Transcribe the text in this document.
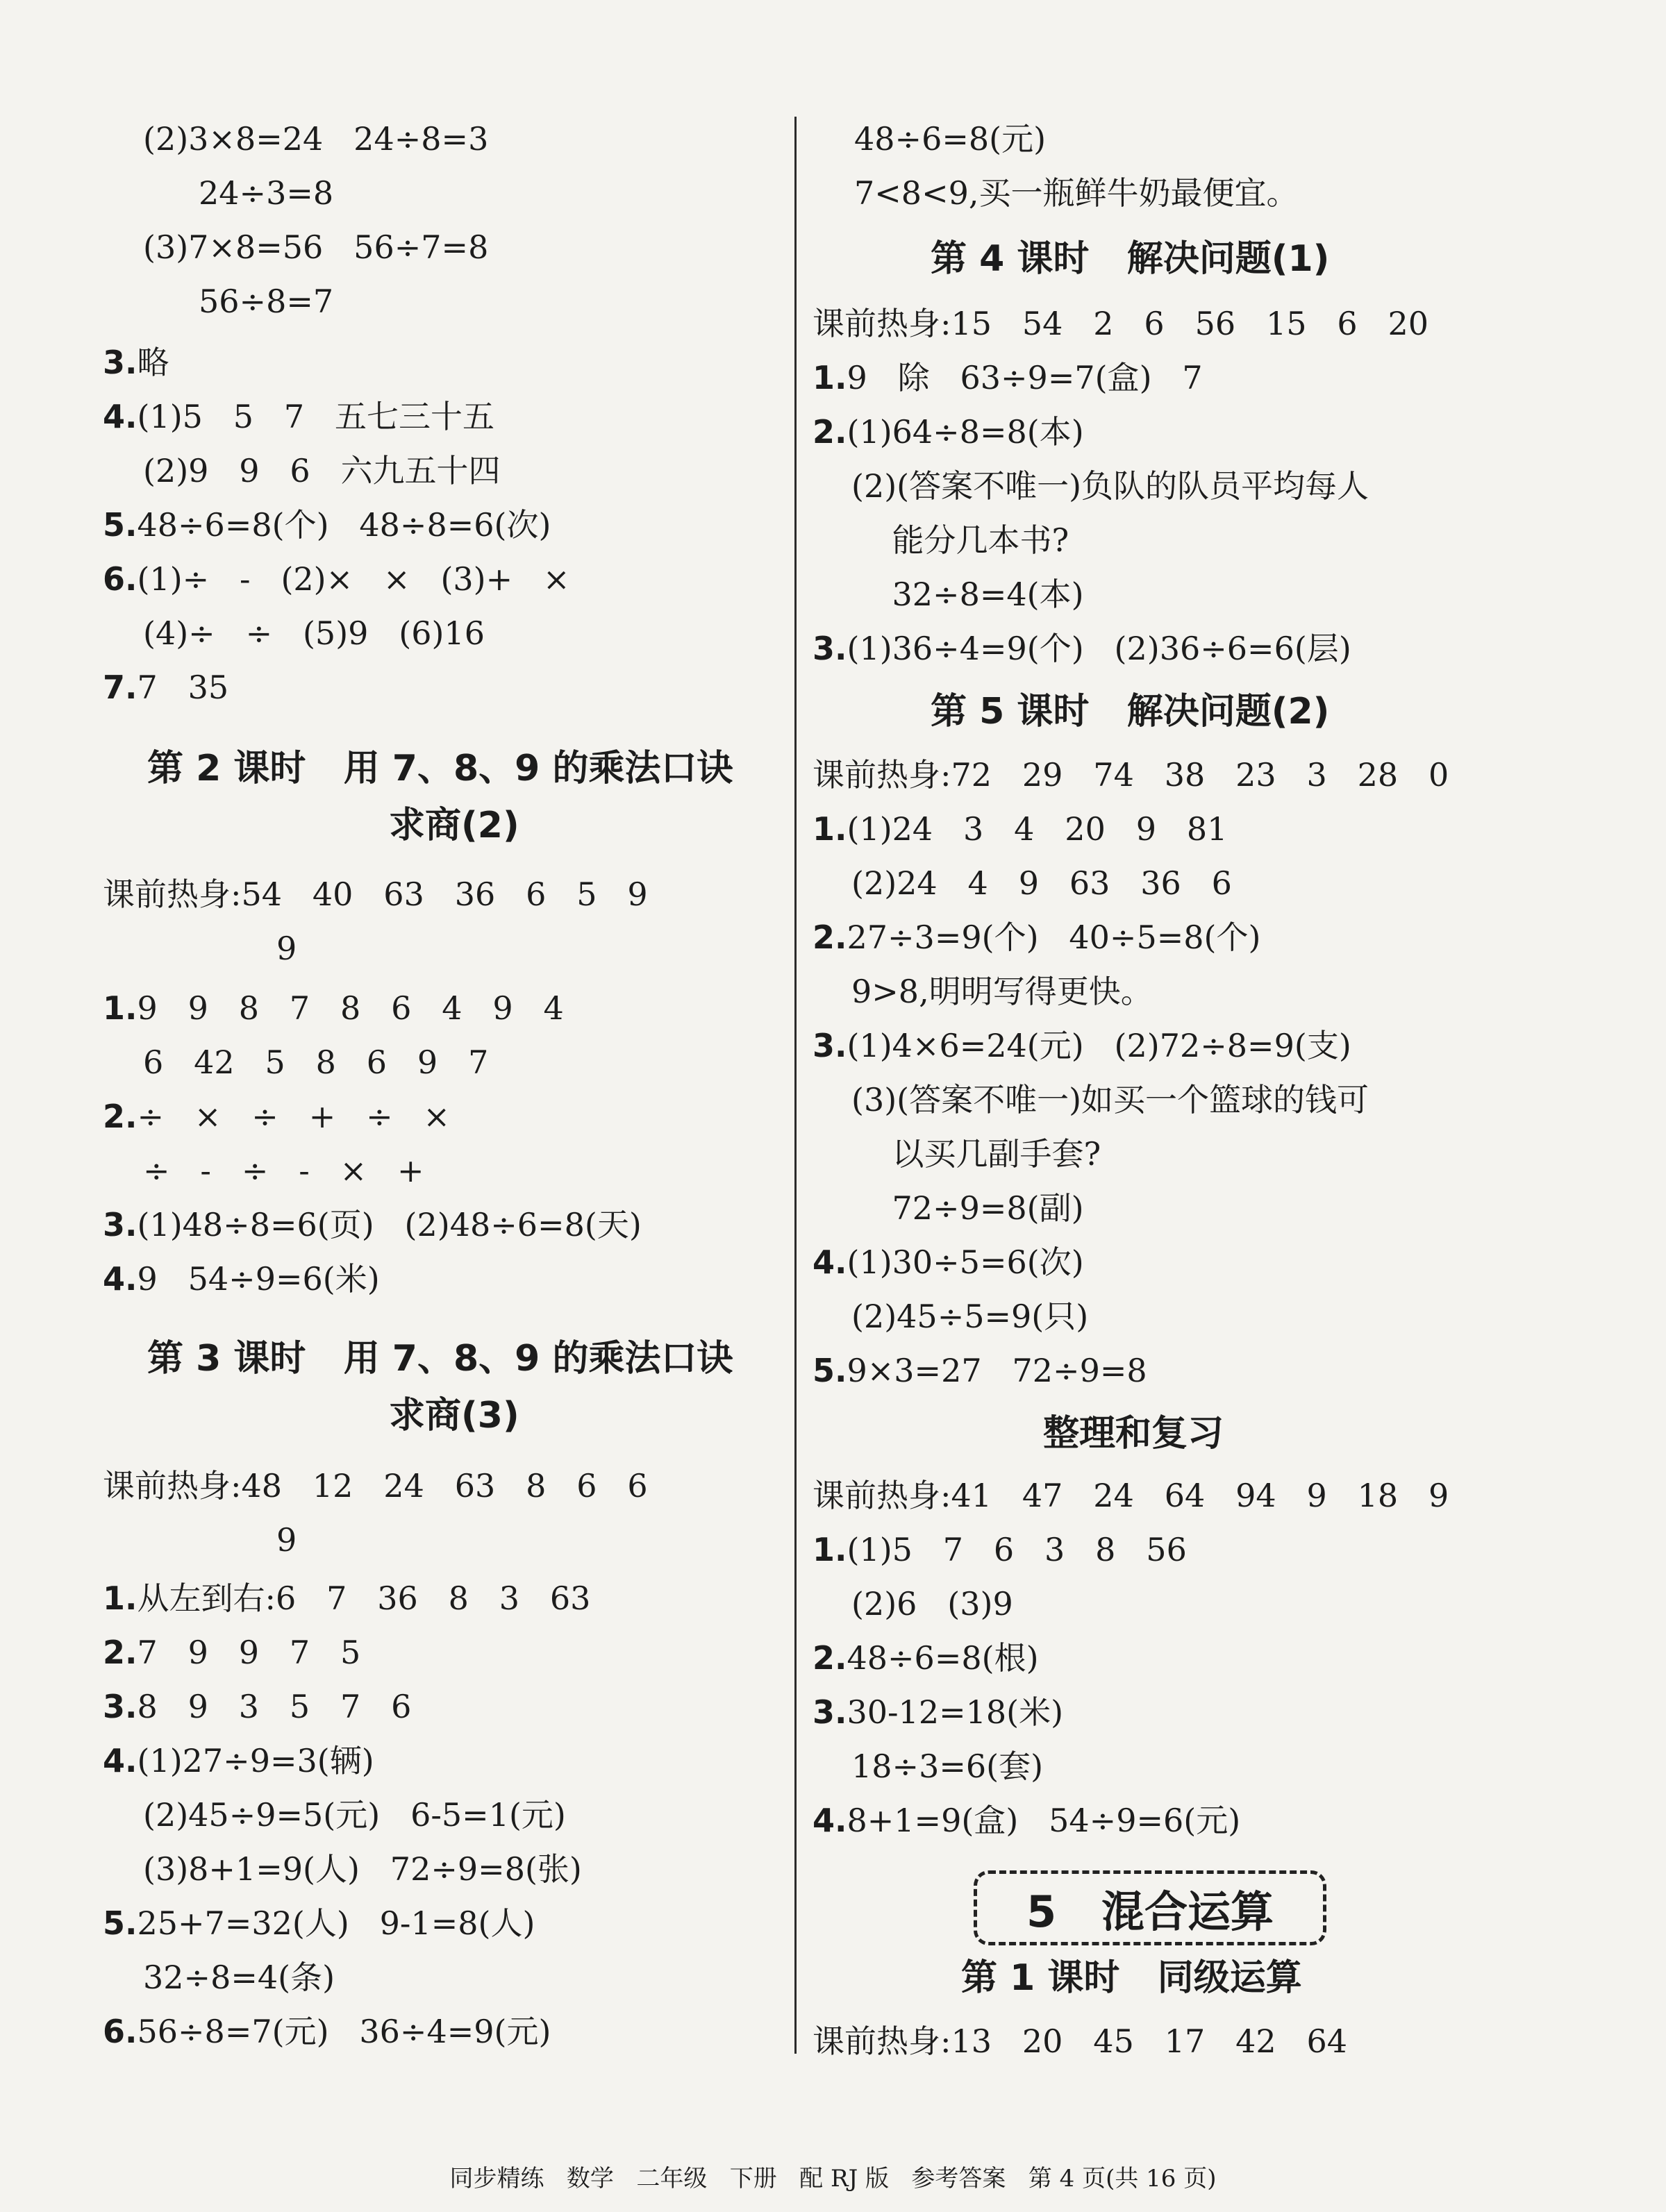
(2)3×8=24   24÷8=3
24÷3=8
(3)7×8=56   56÷7=8
56÷8=7
3.略
4.(1)5   5   7   五七三十五
(2)9   9   6   六九五十四
5.48÷6=8(个)   48÷8=6(次)
6.(1)÷   -   (2)×   ×   (3)+   ×
(4)÷   ÷   (5)9   (6)16
7.7   35
第 2 课时   用 7、8、9 的乘法口诀
求商(2)
课前热身:54   40   63   36   6   5   9
9
1.9   9   8   7   8   6   4   9   4
6   42   5   8   6   9   7
2.÷   ×   ÷   +   ÷   ×
÷   -   ÷   -   ×   +
3.(1)48÷8=6(页)   (2)48÷6=8(天)
4.9   54÷9=6(米)
第 3 课时   用 7、8、9 的乘法口诀
求商(3)
课前热身:48   12   24   63   8   6   6
9
1.从左到右:6   7   36   8   3   63
2.7   9   9   7   5
3.8   9   3   5   7   6
4.(1)27÷9=3(辆)
(2)45÷9=5(元)   6-5=1(元)
(3)8+1=9(人)   72÷9=8(张)
5.25+7=32(人)   9-1=8(人)
32÷8=4(条)
6.56÷8=7(元)   36÷4=9(元)
48÷6=8(元)
7<8<9,买一瓶鲜牛奶最便宜。
第 4 课时   解决问题(1)
课前热身:15   54   2   6   56   15   6   20
1.9   除   63÷9=7(盒)   7
2.(1)64÷8=8(本)
(2)(答案不唯一)负队的队员平均每人
能分几本书?
32÷8=4(本)
3.(1)36÷4=9(个)   (2)36÷6=6(层)
第 5 课时   解决问题(2)
课前热身:72   29   74   38   23   3   28   0
1.(1)24   3   4   20   9   81
(2)24   4   9   63   36   6
2.27÷3=9(个)   40÷5=8(个)
9>8,明明写得更快。
3.(1)4×6=24(元)   (2)72÷8=9(支)
(3)(答案不唯一)如买一个篮球的钱可
以买几副手套?
72÷9=8(副)
4.(1)30÷5=6(次)
(2)45÷5=9(只)
5.9×3=27   72÷9=8
整理和复习
课前热身:41   47   24   64   94   9   18   9
1.(1)5   7   6   3   8   56
(2)6   (3)9
2.48÷6=8(根)
3.30-12=18(米)
18÷3=6(套)
4.8+1=9(盒)   54÷9=6(元)
5   混合运算
第 1 课时   同级运算
课前热身:13   20   45   17   42   64
同步精练   数学   二年级   下册   配 RJ 版   参考答案   第 4 页(共 16 页)
